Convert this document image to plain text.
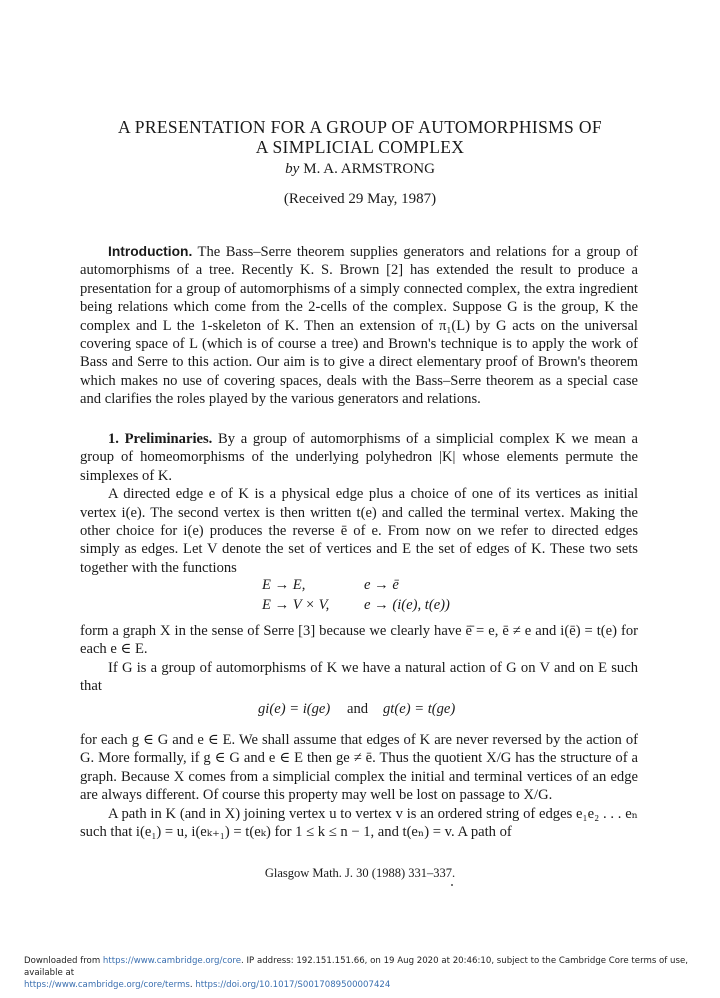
A PRESENTATION FOR A GROUP OF AUTOMORPHISMS OF
A SIMPLICIAL COMPLEX
by M. A. ARMSTRONG
(Received 29 May, 1987)

Introduction. The Bass–Serre theorem supplies generators and relations for a group of automorphisms of a tree. Recently K. S. Brown [2] has extended the result to produce a presentation for a group of automorphisms of a simply connected complex, the extra ingredient being relations which come from the 2-cells of the complex. Suppose G is the group, K the complex and L the 1-skeleton of K. Then an extension of π₁(L) by G acts on the universal covering space of L (which is of course a tree) and Brown's technique is to apply the work of Bass and Serre to this action. Our aim is to give a direct elementary proof of Brown's theorem which makes no use of covering spaces, deals with the Bass–Serre theorem as a special case and clarifies the roles played by the various generators and relations.

1. Preliminaries. By a group of automorphisms of a simplicial complex K we mean a group of homeomorphisms of the underlying polyhedron |K| whose elements permute the simplexes of K.

A directed edge e of K is a physical edge plus a choice of one of its vertices as initial vertex i(e). The second vertex is then written t(e) and called the terminal vertex. Making the other choice for i(e) produces the reverse ē of e. From now on we refer to directed edges simply as edges. Let V denote the set of vertices and E the set of edges of K. These two sets together with the functions

E → E,	e → ē
E → V × V, e → (i(e), t(e))

form a graph X in the sense of Serre [3] because we clearly have ē̄ = e, ē ≠ e and i(ē) = t(e) for each e ∈ E.

If G is a group of automorphisms of K we have a natural action of G on V and on E such that

gi(e) = i(ge) and gt(e) = t(ge)

for each g ∈ G and e ∈ E. We shall assume that edges of K are never reversed by the action of G. More formally, if g ∈ G and e ∈ E then ge ≠ ē. Thus the quotient X/G has the structure of a graph. Because X comes from a simplicial complex the initial and terminal vertices of an edge are always different. Of course this property may well be lost on passage to X/G.

A path in K (and in X) joining vertex u to vertex v is an ordered string of edges e₁e₂ . . . eₙ such that i(e₁) = u, i(eₖ₊₁) = t(eₖ) for 1 ≤ k ≤ n − 1, and t(eₙ) = v. A path of

Glasgow Math. J. 30 (1988) 331–337.
Downloaded from https://www.cambridge.org/core. IP address: 192.151.151.66, on 19 Aug 2020 at 20:46:10, subject to the Cambridge Core terms of use, available at
https://www.cambridge.org/core/terms. https://doi.org/10.1017/S0017089500007424
